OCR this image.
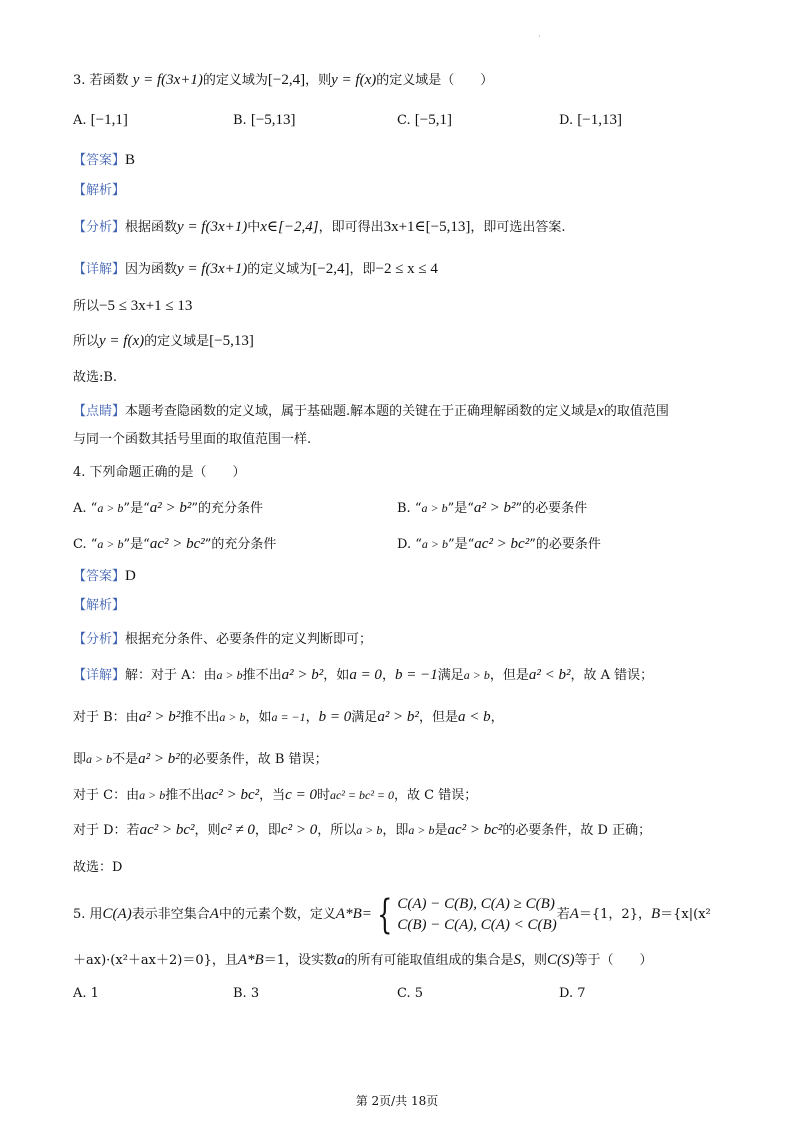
·
3. 若函数 y = f(3x+1)的定义域为[−2,4]，则y = f(x)的定义域是（　　）
A. [−1,1]	B. [−5,13]	C. [−5,1]	D. [−1,13]
【答案】B
【解析】
【分析】根据函数y = f(3x+1)中x∈[−2,4]，即可得出3x+1∈[−5,13]，即可选出答案.
【详解】因为函数y = f(3x+1)的定义域为[−2,4]，即−2 ≤ x ≤ 4
所以−5 ≤ 3x+1 ≤ 13
所以y = f(x)的定义域是[−5,13]
故选:B.
【点睛】本题考查隐函数的定义域，属于基础题.解本题的关键在于正确理解函数的定义域是x的取值范围
与同一个函数其括号里面的取值范围一样.
4. 下列命题正确的是（　　）
A. “a > b”是“a² > b²”的充分条件	B. “a > b”是“a² > b²”的必要条件
C. “a > b”是“ac² > bc²”的充分条件	D. “a > b”是“ac² > bc²”的必要条件
【答案】D
【解析】
【分析】根据充分条件、必要条件的定义判断即可；
【详解】解：对于 A：由a > b推不出a² > b²，如a = 0，b = −1满足a > b，但是a² < b²，故 A 错误；
对于 B：由a² > b²推不出a > b，如a = −1，b = 0满足a² > b²，但是a < b，
即a > b不是a² > b²的必要条件，故 B 错误；
对于 C：由a > b推不出ac² > bc²，当c = 0时ac² = bc² = 0，故 C 错误；
对于 D：若ac² > bc²，则c² ≠ 0，即c² > 0，所以a > b，即a > b是ac² > bc²的必要条件，故 D 正确；
故选：D
5. 用C(A)表示非空集合A中的元素个数，定义A*B= { C(A) − C(B), C(A) ≥ C(B)
C(B) − C(A), C(A) < C(B)
若A＝{1，2}，B＝{x|(x²
＋ax)·(x²＋ax＋2)＝0}，且A*B＝1，设实数a的所有可能取值组成的集合是S，则C(S)等于（　　）
A. 1	B. 3	C. 5	D. 7
第 2页/共 18页
